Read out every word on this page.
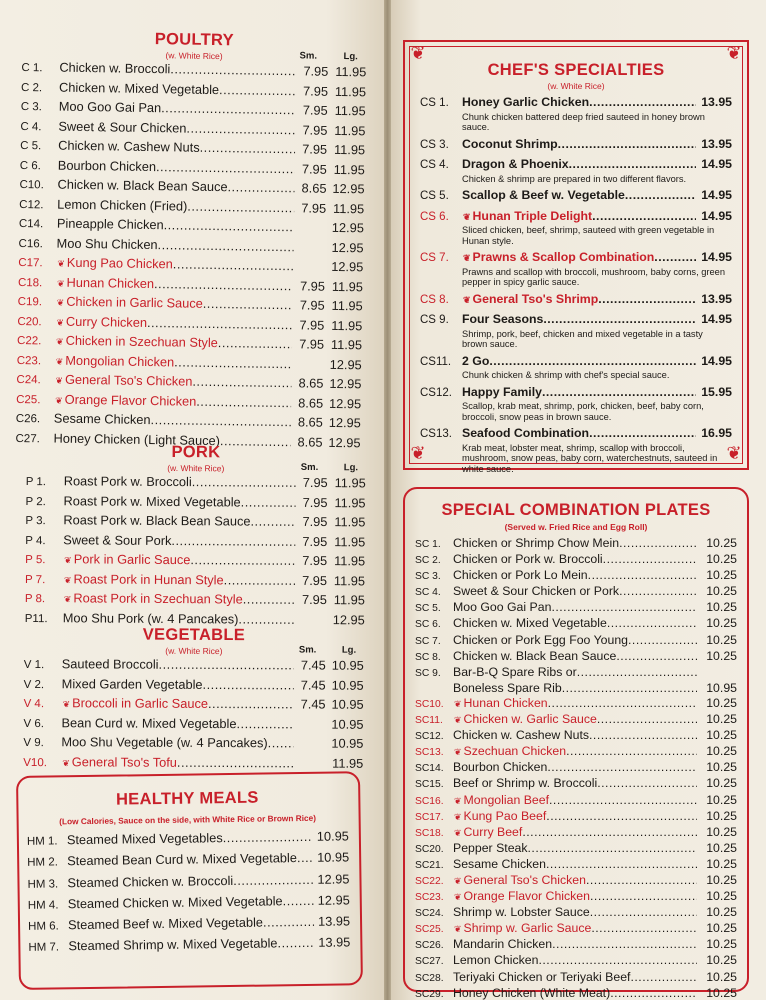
POULTRY
(w. White Rice)	Sm.	Lg.
C 1.	Chicken w. Broccoli .....	7.95 11.95
C 2.	Chicken w. Mixed Vegetable .....	7.95 11.95
C 3.	Moo Goo Gai Pan .....	7.95 11.95
C 4.	Sweet & Sour Chicken .....	7.95 11.95
C 5.	Chicken w. Cashew Nuts .....	7.95 11.95
C 6.	Bourbon Chicken .....	7.95 11.95
C10.	Chicken w. Black Bean Sauce .....	8.65 12.95
C12.	Lemon Chicken (Fried) .....	7.95 11.95
C14.	Pineapple Chicken .....	12.95
C16.	Moo Shu Chicken .....	12.95
C17.	❦ Kung Pao Chicken .....	12.95
C18.	❦ Hunan Chicken .....	7.95 11.95
C19.	❦ Chicken in Garlic Sauce .....	7.95 11.95
C20.	❦ Curry Chicken .....	7.95 11.95
C22.	❦ Chicken in Szechuan Style .....	7.95 11.95
C23.	❦ Mongolian Chicken .....	12.95
C24.	❦ General Tso's Chicken .....	8.65 12.95
C25.	❦ Orange Flavor Chicken .....	8.65 12.95
C26.	Sesame Chicken .....	8.65 12.95
C27.	Honey Chicken (Light Sauce) .....	8.65 12.95
PORK
(w. White Rice)	Sm.	Lg.
P 1.	Roast Pork w. Broccoli .....	7.95 11.95
P 2.	Roast Pork w. Mixed Vegetable .....	7.95 11.95
P 3.	Roast Pork w. Black Bean Sauce .....	7.95 11.95
P 4.	Sweet & Sour Pork .....	7.95 11.95
P 5.	❦ Pork in Garlic Sauce .....	7.95 11.95
P 7.	❦ Roast Pork in Hunan Style .....	7.95 11.95
P 8.	❦ Roast Pork in Szechuan Style .....	7.95 11.95
P11.	Moo Shu Pork (w. 4 Pancakes) .....	12.95
VEGETABLE
(w. White Rice)	Sm.	Lg.
V 1.	Sauteed Broccoli .....	7.45 10.95
V 2.	Mixed Garden Vegetable .....	7.45 10.95
V 4.	❦ Broccoli in Garlic Sauce .....	7.45 10.95
V 6.	Bean Curd w. Mixed Vegetable .....	10.95
V 9.	Moo Shu Vegetable (w. 4 Pancakes) .....	10.95
V10.	❦ General Tso's Tofu .....	11.95
HEALTHY MEALS
(Low Calories, Sauce on the side, with White Rice or Brown Rice)
HM 1. Steamed Mixed Vegetables .....	10.95
HM 2. Steamed Bean Curd w. Mixed Vegetable .....	10.95
HM 3. Steamed Chicken w. Broccoli .....	12.95
HM 4. Steamed Chicken w. Mixed Vegetable .....	12.95
HM 6. Steamed Beef w. Mixed Vegetable .....	13.95
HM 7. Steamed Shrimp w. Mixed Vegetable .....	13.95
❦	❦
❦	❦
CHEF'S SPECIALTIES
(w. White Rice)
CS 1.	Honey Garlic Chicken .....	13.95
Chunk chicken battered deep fried sauteed in honey brown sauce.
CS 3.	Coconut Shrimp .....	13.95
CS 4.	Dragon & Phoenix .....	14.95
Chicken & shrimp are prepared in two different flavors.
CS 5.	Scallop & Beef w. Vegetable .....	14.95
CS 6.	❦ Hunan Triple Delight .....	14.95
Sliced chicken, beef, shrimp, sauteed with green vegetable in Hunan style.
CS 7.	❦ Prawns & Scallop Combination .....	14.95
Prawns and scallop with broccoli, mushroom, baby corns, green pepper in spicy garlic sauce.
CS 8.	❦ General Tso's Shrimp .....	13.95
CS 9.	Four Seasons .....	14.95
Shrimp, pork, beef, chicken and mixed vegetable in a tasty brown sauce.
CS11. 2 Go .....	14.95
Chunk chicken & shrimp with chef's special sauce.
CS12. Happy Family .....	15.95
Scallop, krab meat, shrimp, pork, chicken, beef, baby corn, broccoli, snow peas in brown sauce.
CS13. Seafood Combination .....	16.95
Krab meat, lobster meat, shrimp, scallop with broccoli, mushroom, snow peas, baby corn, waterchestnuts, sauteed in white sauce.
SPECIAL COMBINATION PLATES
(Served w. Fried Rice and Egg Roll)
SC 1. Chicken or Shrimp Chow Mein .....	10.25
SC 2. Chicken or Pork w. Broccoli .....	10.25
SC 3. Chicken or Pork Lo Mein .....	10.25
SC 4. Sweet & Sour Chicken or Pork .....	10.25
SC 5. Moo Goo Gai Pan .....	10.25
SC 6. Chicken w. Mixed Vegetable .....	10.25
SC 7. Chicken or Pork Egg Foo Young .....	10.25
SC 8. Chicken w. Black Bean Sauce .....	10.25
SC 9. Bar-B-Q Spare Ribs or
.....
Boneless Spare Rib .....	10.95
SC10.	❦ Hunan Chicken .....	10.25
SC11.	❦ Chicken w. Garlic Sauce .....	10.25
SC12. Chicken w. Cashew Nuts .....	10.25
SC13.	❦ Szechuan Chicken .....	10.25
SC14. Bourbon Chicken .....	10.25
SC15. Beef or Shrimp w. Broccoli .....	10.25
SC16.	❦ Mongolian Beef .....	10.25
SC17.	❦ Kung Pao Beef .....	10.25
SC18.	❦ Curry Beef .....	10.25
SC20. Pepper Steak .....	10.25
SC21. Sesame Chicken .....	10.25
SC22.	❦ General Tso's Chicken .....	10.25
SC23.	❦ Orange Flavor Chicken .....	10.25
SC24. Shrimp w. Lobster Sauce .....	10.25
SC25.	❦ Shrimp w. Garlic Sauce .....	10.25
SC26. Mandarin Chicken .....	10.25
SC27. Lemon Chicken .....	10.25
SC28. Teriyaki Chicken or Teriyaki Beef .....	10.25
SC29. Honey Chicken (White Meat) .....	10.25
